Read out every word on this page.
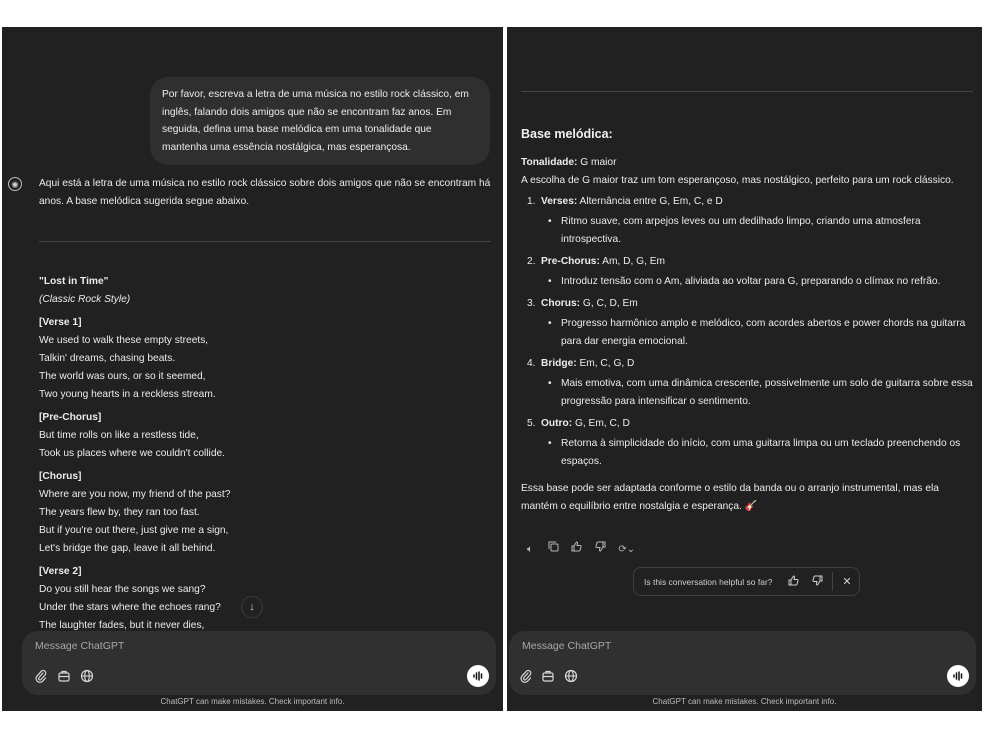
Por favor, escreva a letra de uma música no estilo rock clássico, em inglês, falando dois amigos que não se encontram faz anos. Em seguida, defina uma base melódica em uma tonalidade que mantenha uma essência nostálgica, mas esperançosa.
✺	Aqui está a letra de uma música no estilo rock clássico sobre dois amigos que não se encontram há anos. A base melódica sugerida segue abaixo.
"Lost in Time"
(Classic Rock Style)
[Verse 1]
We used to walk these empty streets,
Talkin' dreams, chasing beats.
The world was ours, or so it seemed,
Two young hearts in a reckless stream.
[Pre-Chorus]
But time rolls on like a restless tide,
Took us places where we couldn't collide.
[Chorus]
Where are you now, my friend of the past?
The years flew by, they ran too fast.
But if you're out there, just give me a sign,
Let's bridge the gap, leave it all behind.
[Verse 2]
Do you still hear the songs we sang?
Under the stars where the echoes rang?
The laughter fades, but it never dies,
↓
Message ChatGPT
ChatGPT can make mistakes. Check important info.
Base melódica:

Tonalidade: G maior

A escolha de G maior traz um tom esperançoso, mas nostálgico, perfeito para um rock clássico.

1. Verses: Alternância entre G, Em, C, e D
• Ritmo suave, com arpejos leves ou um dedilhado limpo, criando uma atmosfera introspectiva.
2. Pre-Chorus: Am, D, G, Em
• Introduz tensão com o Am, aliviada ao voltar para G, preparando o clímax no refrão.
3. Chorus: G, C, D, Em
• Progresso harmônico amplo e melódico, com acordes abertos e power chords na guitarra para dar energia emocional.
4. Bridge: Em, C, G, D
• Mais emotiva, com uma dinâmica crescente, possivelmente um solo de guitarra sobre essa progressão para intensificar o sentimento.
5. Outro: G, Em, C, D
• Retorna à simplicidade do início, com uma guitarra limpa ou um teclado preenchendo os espaços.

Essa base pode ser adaptada conforme o estilo da banda ou o arranjo instrumental, mas ela mantém o equilíbrio entre nostalgia e esperança. 🎸

🔈︎	⟳⌄
Is this conversation helpful so far?	✕
Message ChatGPT
ChatGPT can make mistakes. Check important info.
